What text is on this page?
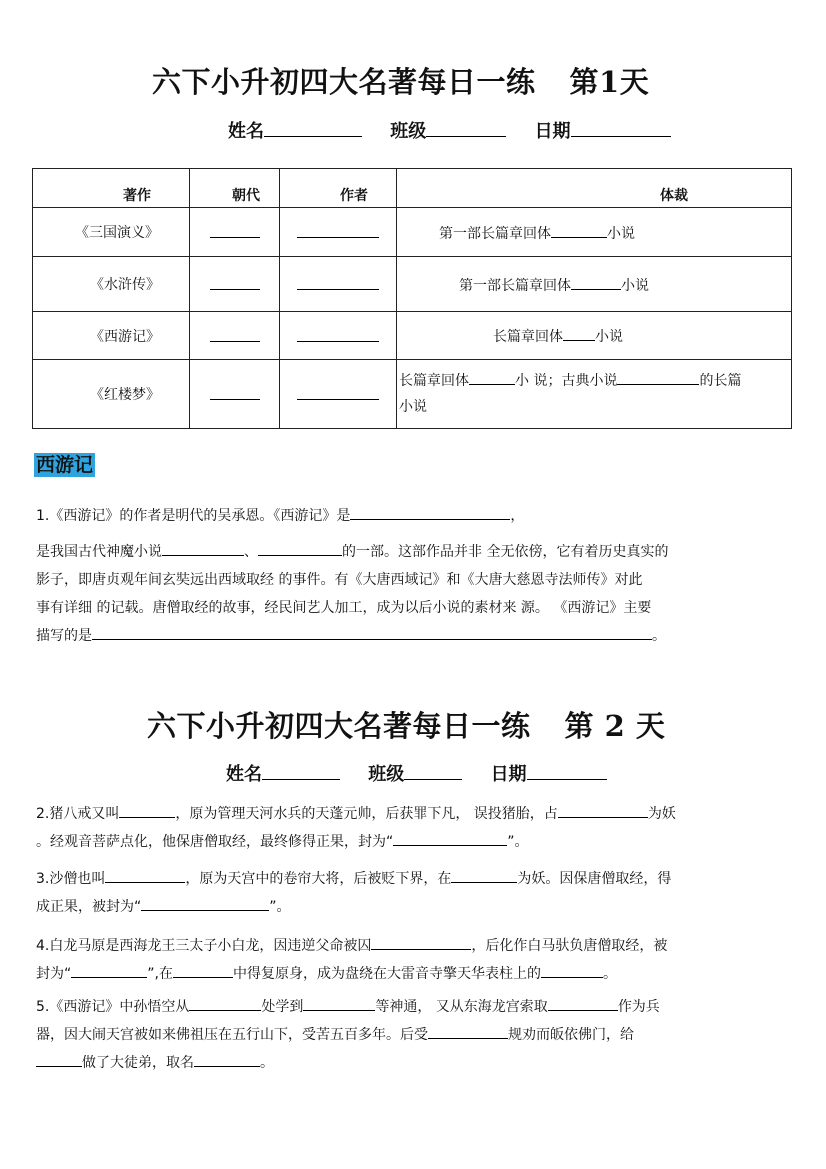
六下小升初四大名著每日一练 第1天
姓名	班级	日期
著作	朝代	作者	体裁
《三国演义》			第一部长篇章回体 小说
《水浒传》			第一部长篇章回体 小说
《西游记》			长篇章回体 小说
《红楼梦》			长篇章回体 小 说；古典小说 的长篇
小说
西游记
1.《西游记》的作者是明代的吴承恩。《西游记》是	，
是我国古代神魔小说	、	的一部。这部作品并非 全无依傍，它有着历史真实的
影子，即唐贞观年间玄奘远出西域取经 的事件。有《大唐西域记》和《大唐大慈恩寺法师传》对此
事有详细 的记载。唐僧取经的故事，经民间艺人加工，成为以后小说的素材来 源。 《西游记》主要
描写的是	。
六下小升初四大名著每日一练 第 2 天
姓名	班级	日期
2.猪八戒又叫	，原为管理天河水兵的天蓬元帅，后获罪下凡， 误投猪胎，占	为妖
。经观音菩萨点化，他保唐僧取经，最终修得正果，封为“	”。
3.沙僧也叫	，原为天宫中的卷帘大将，后被贬下界，在	为妖。因保唐僧取经，得
成正果，被封为“	”。
4.白龙马原是西海龙王三太子小白龙，因违逆父命被囚	，后化作白马驮负唐僧取经，被
封为“	”,在	中得复原身，成为盘绕在大雷音寺擎天华表柱上的	。
5.《西游记》中孙悟空从	处学到	等神通， 又从东海龙宫索取	作为兵
器，因大闹天宫被如来佛祖压在五行山下，受苦五百多年。后受	规劝而皈依佛门，给
做了大徒弟，取名	。
